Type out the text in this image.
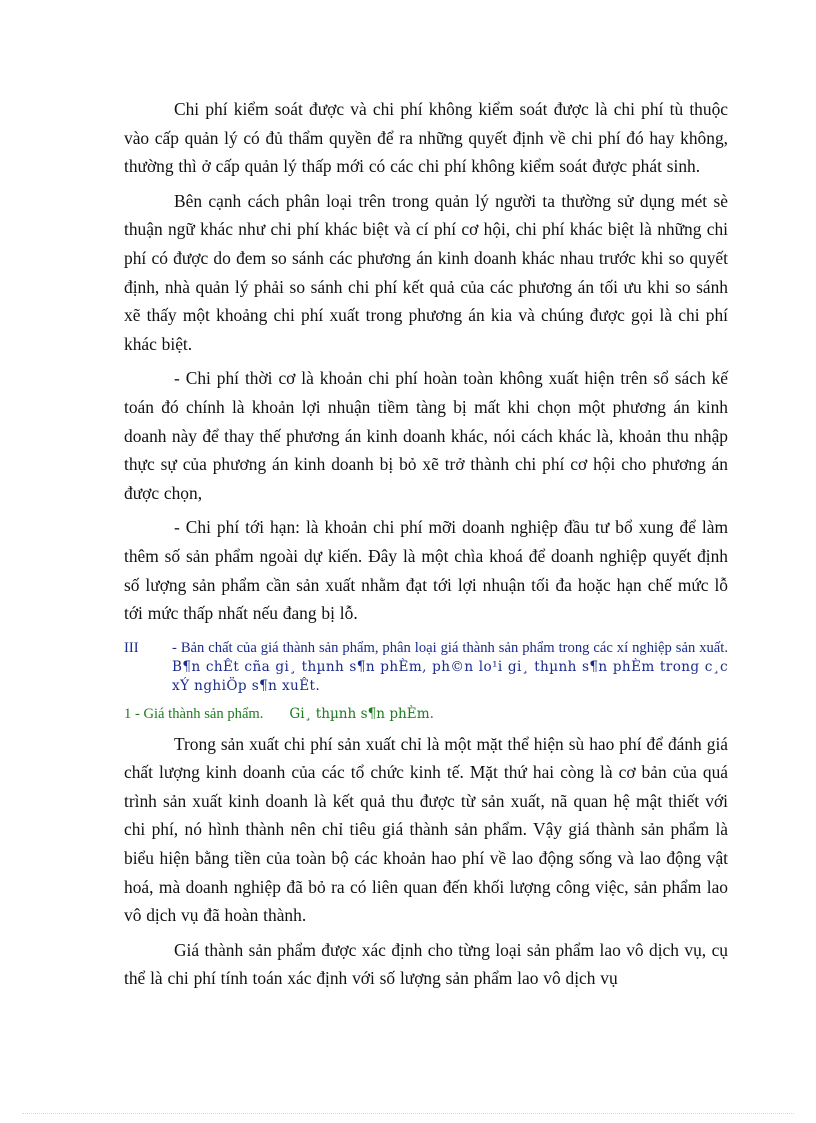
Chi phí kiểm soát được và chi phí không kiểm soát được là chi phí tù thuộc vào cấp quản lý có đủ thẩm quyền để ra những quyết định về chi phí đó hay không, thường thì ở cấp quản lý thấp mới có các chi phí không kiểm soát được phát sinh.

Bên cạnh cách phân loại trên trong quản lý người ta thường sử dụng mét sè thuận ngữ khác như chi phí khác biệt và cí phí cơ hội, chi phí khác biệt là những chi phí có được do đem so sánh các phương án kinh doanh khác nhau trước khi so quyết định, nhà quản lý phải so sánh chi phí kết quả của các phương án tối ưu khi so sánh xẽ thấy một khoảng chi phí xuất trong phương án kia và chúng được gọi là chi phí khác biệt.

- Chi phí thời cơ là khoản chi phí hoàn toàn không xuất hiện trên sổ sách kế toán đó chính là khoản lợi nhuận tiềm tàng bị mất khi chọn một phương án kinh doanh này để thay thế phương án kinh doanh khác, nói cách khác là, khoản thu nhập thực sự của phương án kinh doanh bị bỏ xẽ trở thành chi phí cơ hội cho phương án được chọn,

- Chi phí tới hạn: là khoản chi phí mỡi doanh nghiệp đầu tư bổ xung để làm thêm số sản phẩm ngoài dự kiến. Đây là một chìa khoá để doanh nghiệp quyết định số lượng sản phẩm cần sản xuất nhằm đạt tới lợi nhuận tối đa hoặc hạn chế mức lỗ tới mức thấp nhất nếu đang bị lỗ.

III - Bản chất của giá thành sản phẩm, phân loại giá thành sản phẩm trong các xí nghiệp sản xuất. B¶n chÊt cña gi¸ thµnh s¶n phÈm, ph©n lo¹i gi¸ thµnh s¶n phÈm trong c¸c xÝ nghiÖp s¶n xuÊt.
1 - Giá thành sản phẩm. Gi¸ thµnh s¶n phÈm.

Trong sản xuất chi phí sản xuất chỉ là một mặt thể hiện sù hao phí để đánh giá chất lượng kinh doanh của các tổ chức kinh tế. Mặt thứ hai còng là cơ bản của quá trình sản xuất kinh doanh là kết quả thu được từ sản xuất, nã quan hệ mật thiết với chi phí, nó hình thành nên chỉ tiêu giá thành sản phẩm. Vậy giá thành sản phẩm là biểu hiện bằng tiền của toàn bộ các khoản hao phí về lao động sống và lao động vật hoá, mà doanh nghiệp đã bỏ ra có liên quan đến khối lượng công việc, sản phẩm lao vô dịch vụ đã hoàn thành.

Giá thành sản phẩm được xác định cho từng loại sản phẩm lao vô dịch vụ, cụ thể là chi phí tính toán xác định với số lượng sản phẩm lao vô dịch vụ
